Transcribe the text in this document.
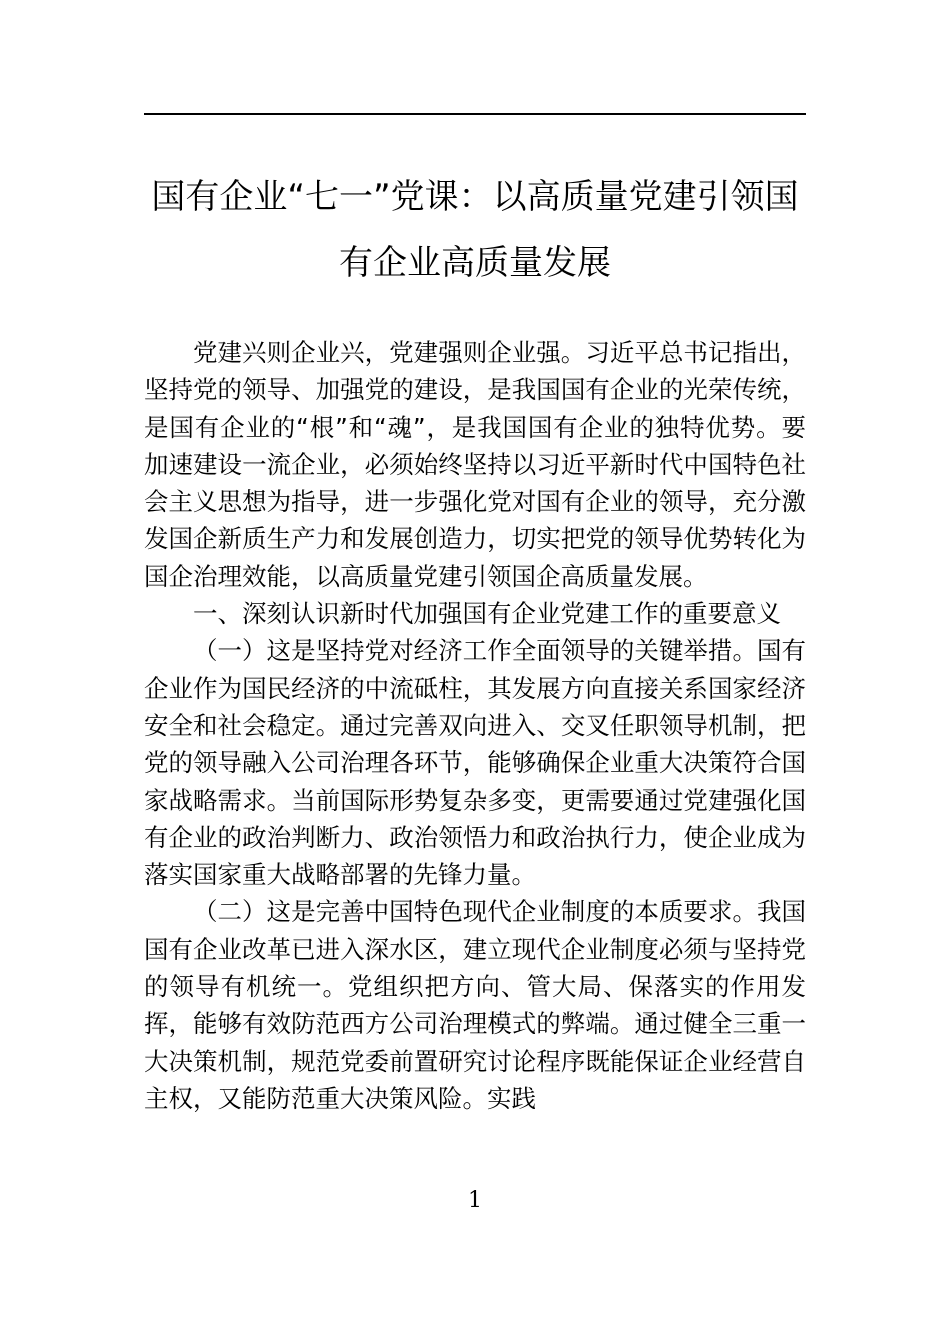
国有企业“七一”党课：以高质量党建引领国有企业高质量发展

党建兴则企业兴，党建强则企业强。习近平总书记指出，坚持党的领导、加强党的建设，是我国国有企业的光荣传统，是国有企业的“根”和“魂”，是我国国有企业的独特优势。要加速建设一流企业，必须始终坚持以习近平新时代中国特色社会主义思想为指导，进一步强化党对国有企业的领导，充分激发国企新质生产力和发展创造力，切实把党的领导优势转化为国企治理效能，以高质量党建引领国企高质量发展。

一、深刻认识新时代加强国有企业党建工作的重要意义

（一）这是坚持党对经济工作全面领导的关键举措。国有企业作为国民经济的中流砥柱，其发展方向直接关系国家经济安全和社会稳定。通过完善双向进入、交叉任职领导机制，把党的领导融入公司治理各环节，能够确保企业重大决策符合国家战略需求。当前国际形势复杂多变，更需要通过党建强化国有企业的政治判断力、政治领悟力和政治执行力，使企业成为落实国家重大战略部署的先锋力量。

（二）这是完善中国特色现代企业制度的本质要求。我国国有企业改革已进入深水区，建立现代企业制度必须与坚持党的领导有机统一。党组织把方向、管大局、保落实的作用发挥，能够有效防范西方公司治理模式的弊端。通过健全三重一大决策机制，规范党委前置研究讨论程序既能保证企业经营自主权，又能防范重大决策风险。实践

1
